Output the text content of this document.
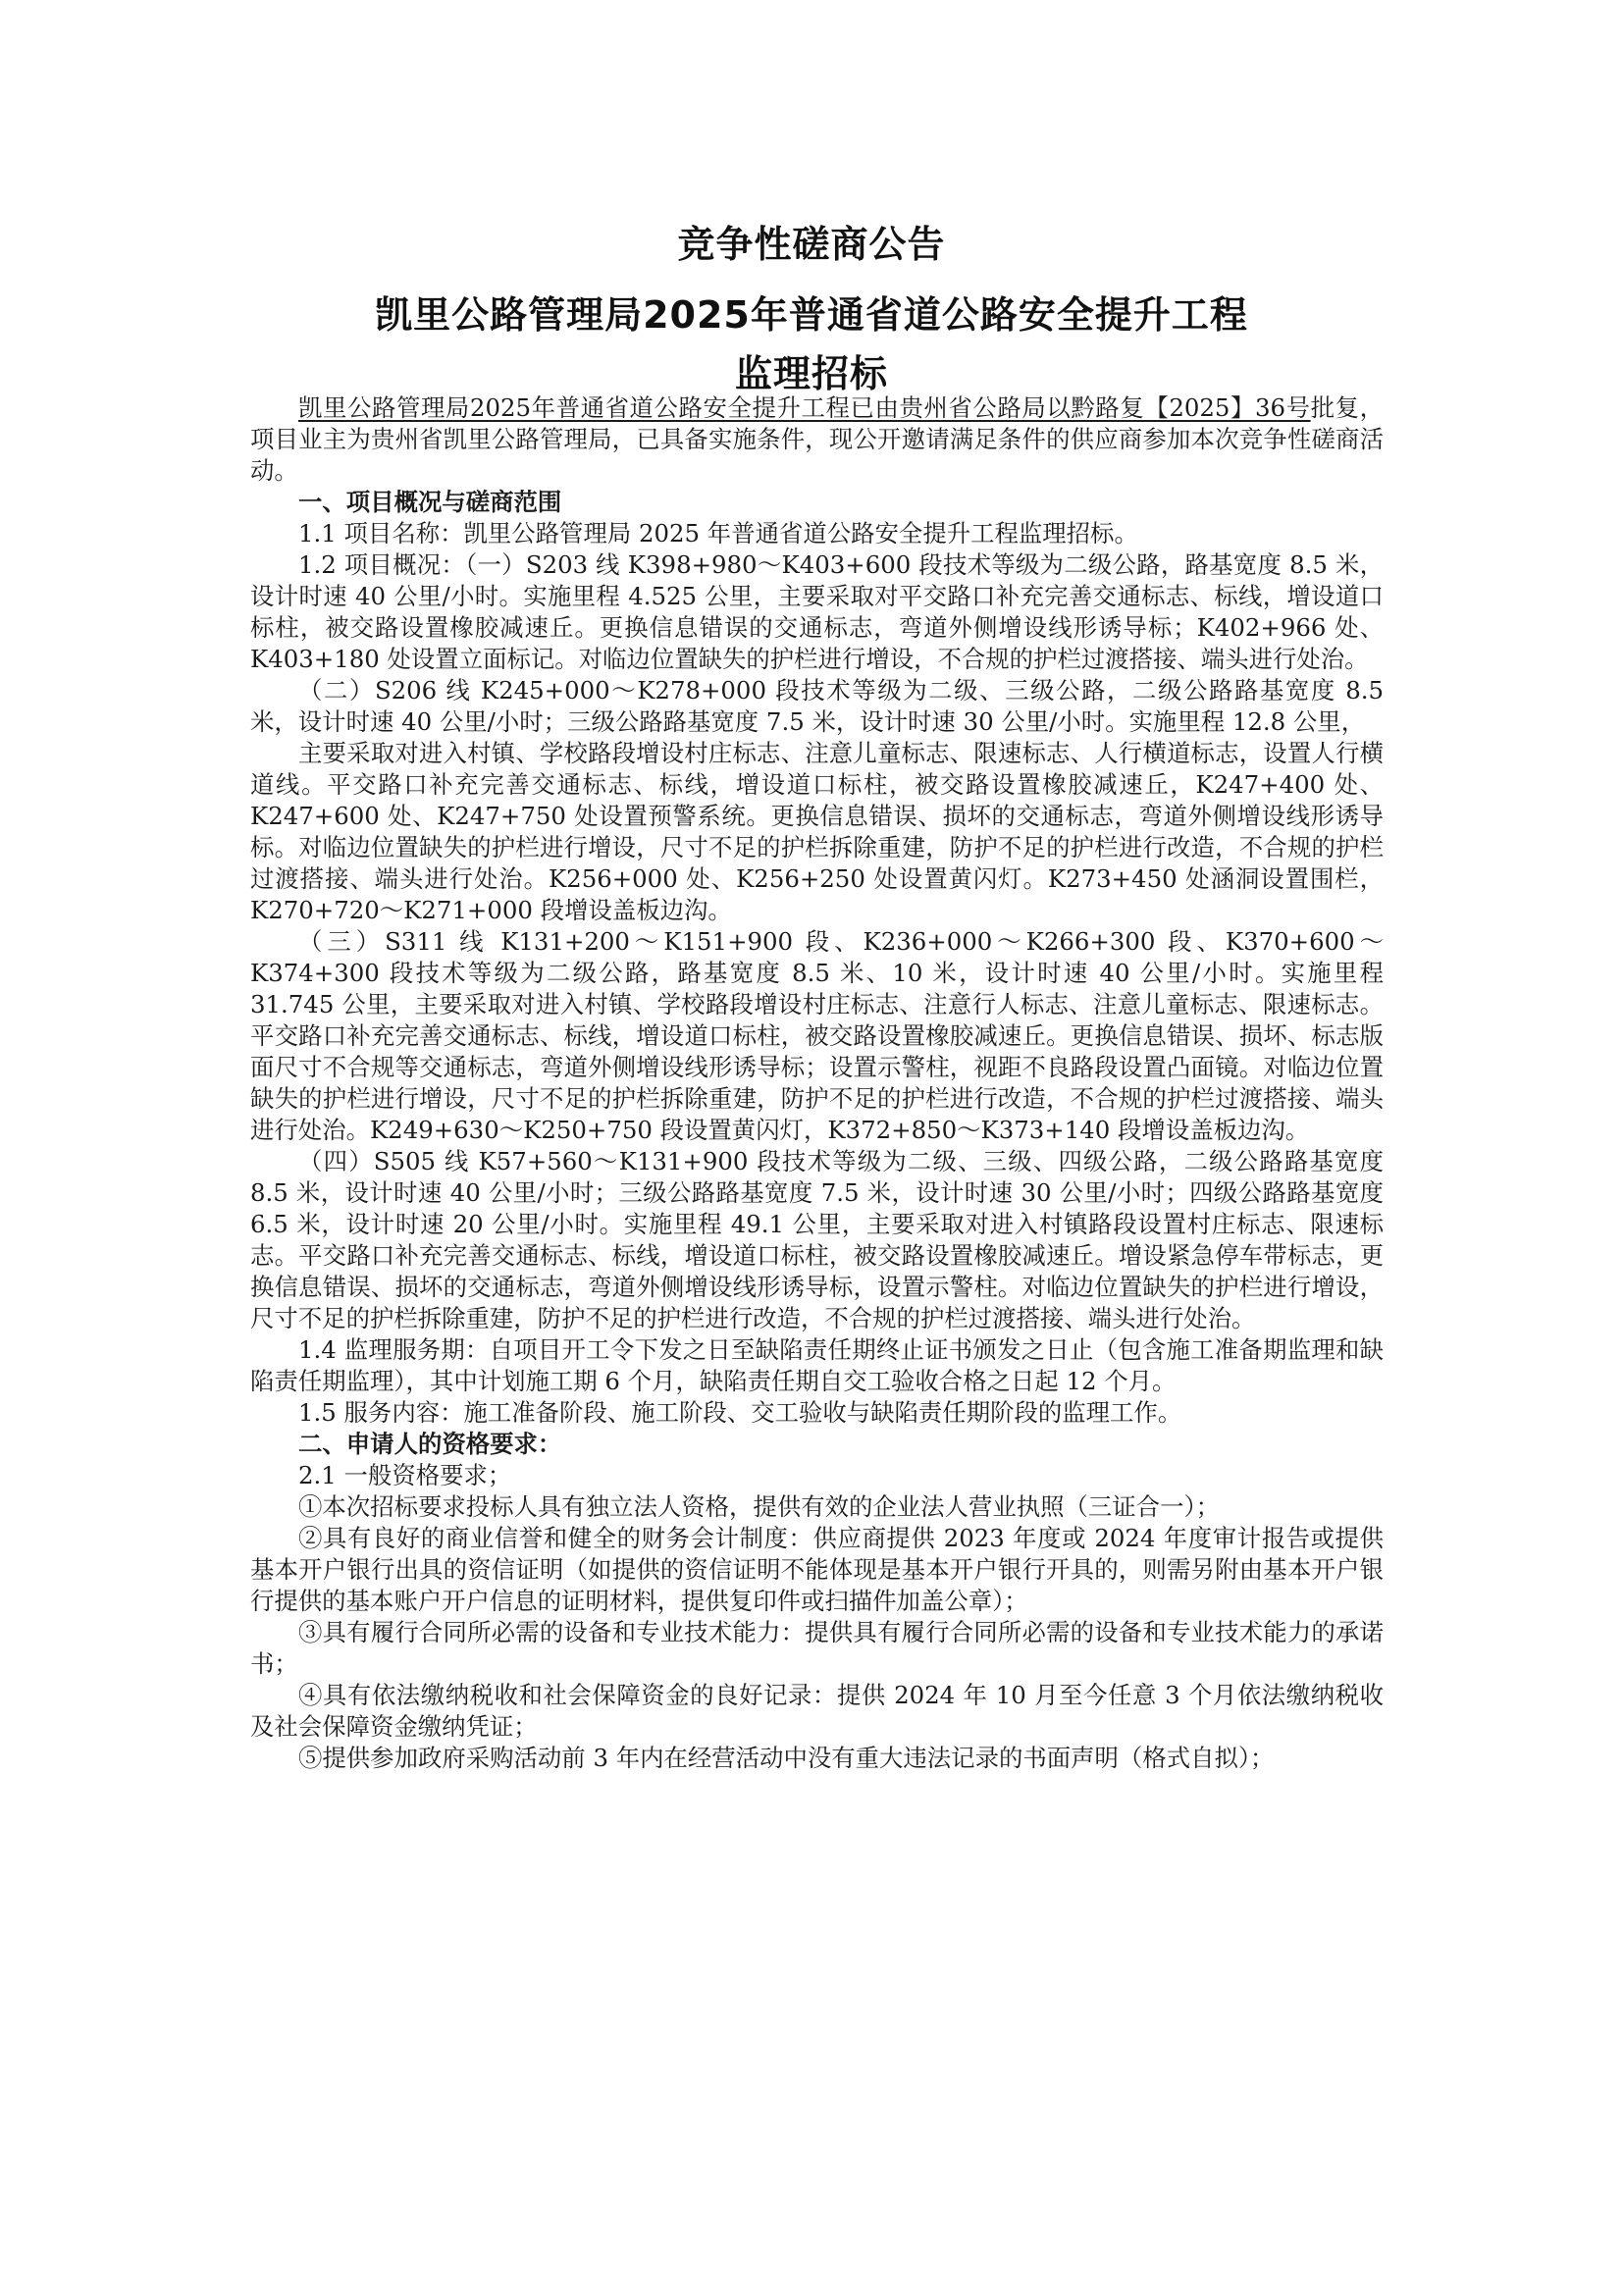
竞争性磋商公告
凯里公路管理局2025年普通省道公路安全提升工程
监理招标

凯里公路管理局2025年普通省道公路安全提升工程已由贵州省公路局以黔路复【2025】36号批复，项目业主为贵州省凯里公路管理局，已具备实施条件，现公开邀请满足条件的供应商参加本次竞争性磋商活动。

一、项目概况与磋商范围

1.1 项目名称：凯里公路管理局 2025 年普通省道公路安全提升工程监理招标。

1.2 项目概况：（一）S203 线 K398+980～K403+600 段技术等级为二级公路，路基宽度 8.5 米，设计时速 40 公里/小时。实施里程 4.525 公里，主要采取对平交路口补充完善交通标志、标线，增设道口标柱，被交路设置橡胶减速丘。更换信息错误的交通标志，弯道外侧增设线形诱导标；K402+966 处、K403+180 处设置立面标记。对临边位置缺失的护栏进行增设，不合规的护栏过渡搭接、端头进行处治。

（二）S206 线 K245+000～K278+000 段技术等级为二级、三级公路，二级公路路基宽度 8.5 米，设计时速 40 公里/小时；三级公路路基宽度 7.5 米，设计时速 30 公里/小时。实施里程 12.8 公里，

主要采取对进入村镇、学校路段增设村庄标志、注意儿童标志、限速标志、人行横道标志，设置人行横道线。平交路口补充完善交通标志、标线，增设道口标柱，被交路设置橡胶减速丘，K247+400 处、K247+600 处、K247+750 处设置预警系统。更换信息错误、损坏的交通标志，弯道外侧增设线形诱导标。对临边位置缺失的护栏进行增设，尺寸不足的护栏拆除重建，防护不足的护栏进行改造，不合规的护栏过渡搭接、端头进行处治。K256+000 处、K256+250 处设置黄闪灯。K273+450 处涵洞设置围栏，K270+720～K271+000 段增设盖板边沟。

（三）S311 线 K131+200～K151+900 段、K236+000～K266+300 段、K370+600～K374+300 段技术等级为二级公路，路基宽度 8.5 米、10 米，设计时速 40 公里/小时。实施里程 31.745 公里，主要采取对进入村镇、学校路段增设村庄标志、注意行人标志、注意儿童标志、限速标志。平交路口补充完善交通标志、标线，增设道口标柱，被交路设置橡胶减速丘。更换信息错误、损坏、标志版面尺寸不合规等交通标志，弯道外侧增设线形诱导标；设置示警柱，视距不良路段设置凸面镜。对临边位置缺失的护栏进行增设，尺寸不足的护栏拆除重建，防护不足的护栏进行改造，不合规的护栏过渡搭接、端头进行处治。K249+630～K250+750 段设置黄闪灯，K372+850～K373+140 段增设盖板边沟。

（四）S505 线 K57+560～K131+900 段技术等级为二级、三级、四级公路，二级公路路基宽度 8.5 米，设计时速 40 公里/小时；三级公路路基宽度 7.5 米，设计时速 30 公里/小时；四级公路路基宽度 6.5 米，设计时速 20 公里/小时。实施里程 49.1 公里，主要采取对进入村镇路段设置村庄标志、限速标志。平交路口补充完善交通标志、标线，增设道口标柱，被交路设置橡胶减速丘。增设紧急停车带标志，更换信息错误、损坏的交通标志，弯道外侧增设线形诱导标，设置示警柱。对临边位置缺失的护栏进行增设，尺寸不足的护栏拆除重建，防护不足的护栏进行改造，不合规的护栏过渡搭接、端头进行处治。

1.4 监理服务期：自项目开工令下发之日至缺陷责任期终止证书颁发之日止（包含施工准备期监理和缺陷责任期监理），其中计划施工期 6 个月，缺陷责任期自交工验收合格之日起 12 个月。

1.5 服务内容：施工准备阶段、施工阶段、交工验收与缺陷责任期阶段的监理工作。

二、申请人的资格要求：

2.1 一般资格要求；

①本次招标要求投标人具有独立法人资格，提供有效的企业法人营业执照（三证合一）；

②具有良好的商业信誉和健全的财务会计制度：供应商提供 2023 年度或 2024 年度审计报告或提供基本开户银行出具的资信证明（如提供的资信证明不能体现是基本开户银行开具的，则需另附由基本开户银行提供的基本账户开户信息的证明材料，提供复印件或扫描件加盖公章）；

③具有履行合同所必需的设备和专业技术能力：提供具有履行合同所必需的设备和专业技术能力的承诺书；

④具有依法缴纳税收和社会保障资金的良好记录：提供 2024 年 10 月至今任意 3 个月依法缴纳税收及社会保障资金缴纳凭证；

⑤提供参加政府采购活动前 3 年内在经营活动中没有重大违法记录的书面声明（格式自拟）；
